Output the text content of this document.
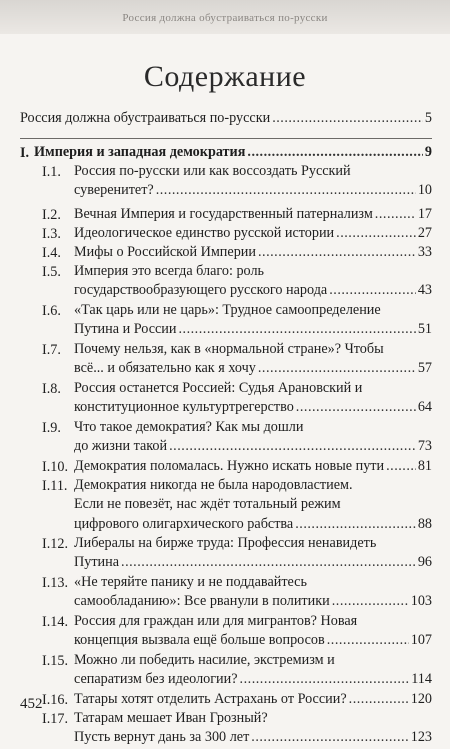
Россия должна обустраиваться по-русски
Содержание
Россия должна обустраиваться по-русски .....	5
I. Империя и западная демократия .....	9
I.1. Россия по-русски или как воссоздать Русский
суверенитет? .....	10
I.2. Вечная Империя и государственный патернализм .....	17
I.3. Идеологическое единство русской истории .....	27
I.4. Мифы о Российской Империи .....	33
I.5. Империя это всегда благо: роль
государствообразующего русского народа .....	43
I.6. «Так царь или не царь»: Трудное самоопределение
Путина и России .....	51
I.7. Почему нельзя, как в «нормальной стране»? Чтобы
всё... и обязательно как я хочу .....	57
I.8. Россия останется Россией: Судья Арановский и
конституционное культуртрегерство .....	64
I.9. Что такое демократия? Как мы дошли
до жизни такой .....	73
I.10. Демократия поломалась. Нужно искать новые пути ..... 81
I.11. Демократия никогда не была народовластием.
Если не повезёт, нас ждёт тотальный режим
цифрового олигархического рабства .....	88
I.12. Либералы на бирже труда: Профессия ненавидеть
Путина .....	96
I.13. «Не теряйте панику и не поддавайтесь
самообладанию»: Все рванули в политики .....	103
I.14. Россия для граждан или для мигрантов? Новая
концепция вызвала ещё больше вопросов .....	107
I.15. Можно ли победить насилие, экстремизм и
сепаратизм без идеологии? .....	114
I.16. Татары хотят отделить Астрахань от России? .....	120
I.17. Татарам мешает Иван Грозный?
Пусть вернут дань за 300 лет .....	123
452
